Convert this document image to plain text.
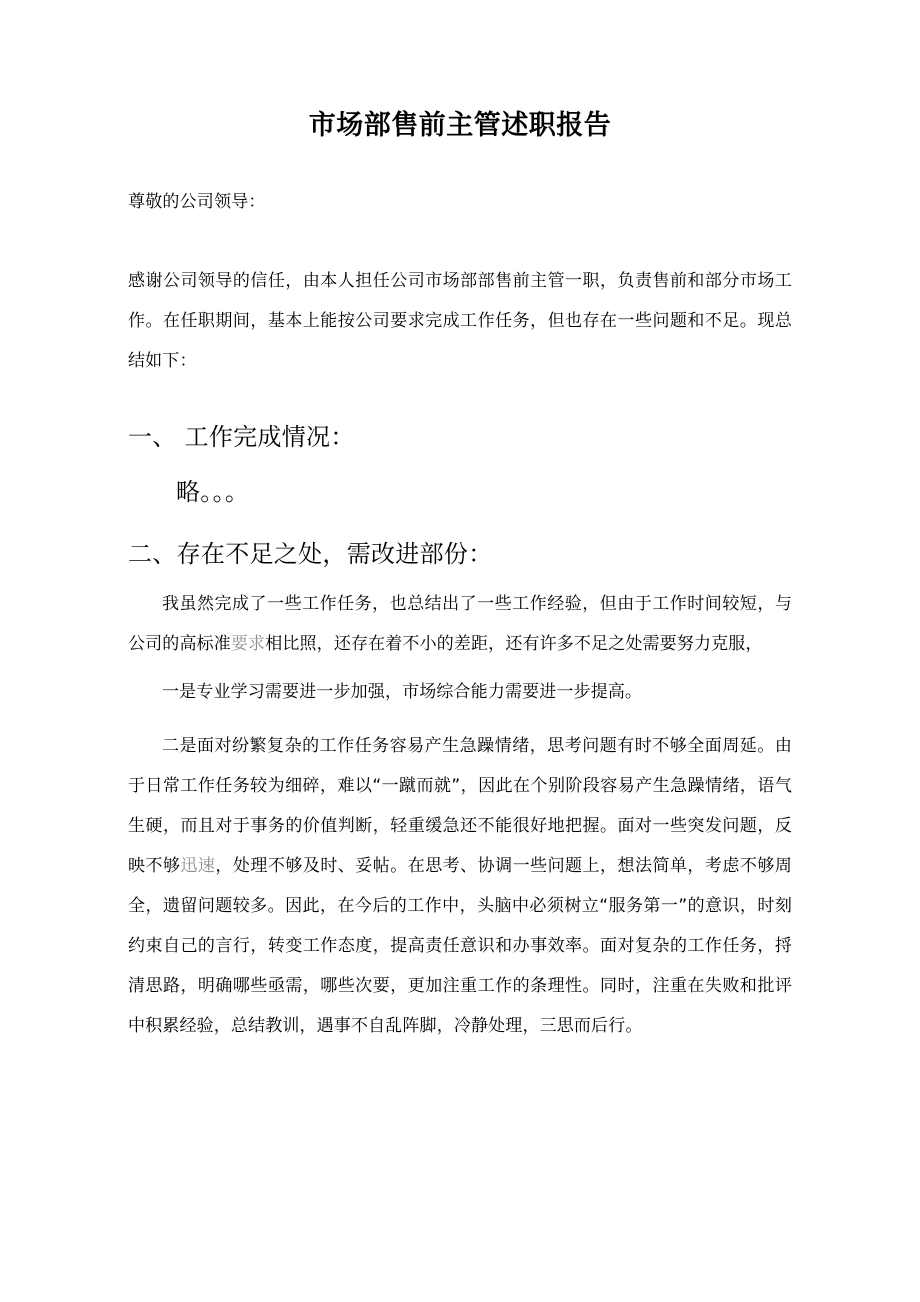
市场部售前主管述职报告

尊敬的公司领导：

感谢公司领导的信任，由本人担任公司市场部部售前主管一职，负责售前和部分市场工作。在任职期间，基本上能按公司要求完成工作任务，但也存在一些问题和不足。现总结如下：

一、 工作完成情况：

略。。。

二、存在不足之处，需改进部份：

我虽然完成了一些工作任务，也总结出了一些工作经验，但由于工作时间较短，与公司的高标准要求相比照，还存在着不小的差距，还有许多不足之处需要努力克服，

一是专业学习需要进一步加强，市场综合能力需要进一步提高。

二是面对纷繁复杂的工作任务容易产生急躁情绪，思考问题有时不够全面周延。由于日常工作任务较为细碎，难以“一蹴而就”，因此在个别阶段容易产生急躁情绪，语气生硬，而且对于事务的价值判断，轻重缓急还不能很好地把握。面对一些突发问题，反映不够迅速，处理不够及时、妥帖。在思考、协调一些问题上，想法简单，考虑不够周全，遗留问题较多。因此，在今后的工作中，头脑中必须树立“服务第一”的意识，时刻约束自己的言行，转变工作态度，提高责任意识和办事效率。面对复杂的工作任务，捋清思路，明确哪些亟需，哪些次要，更加注重工作的条理性。同时，注重在失败和批评中积累经验，总结教训，遇事不自乱阵脚，冷静处理，三思而后行。
